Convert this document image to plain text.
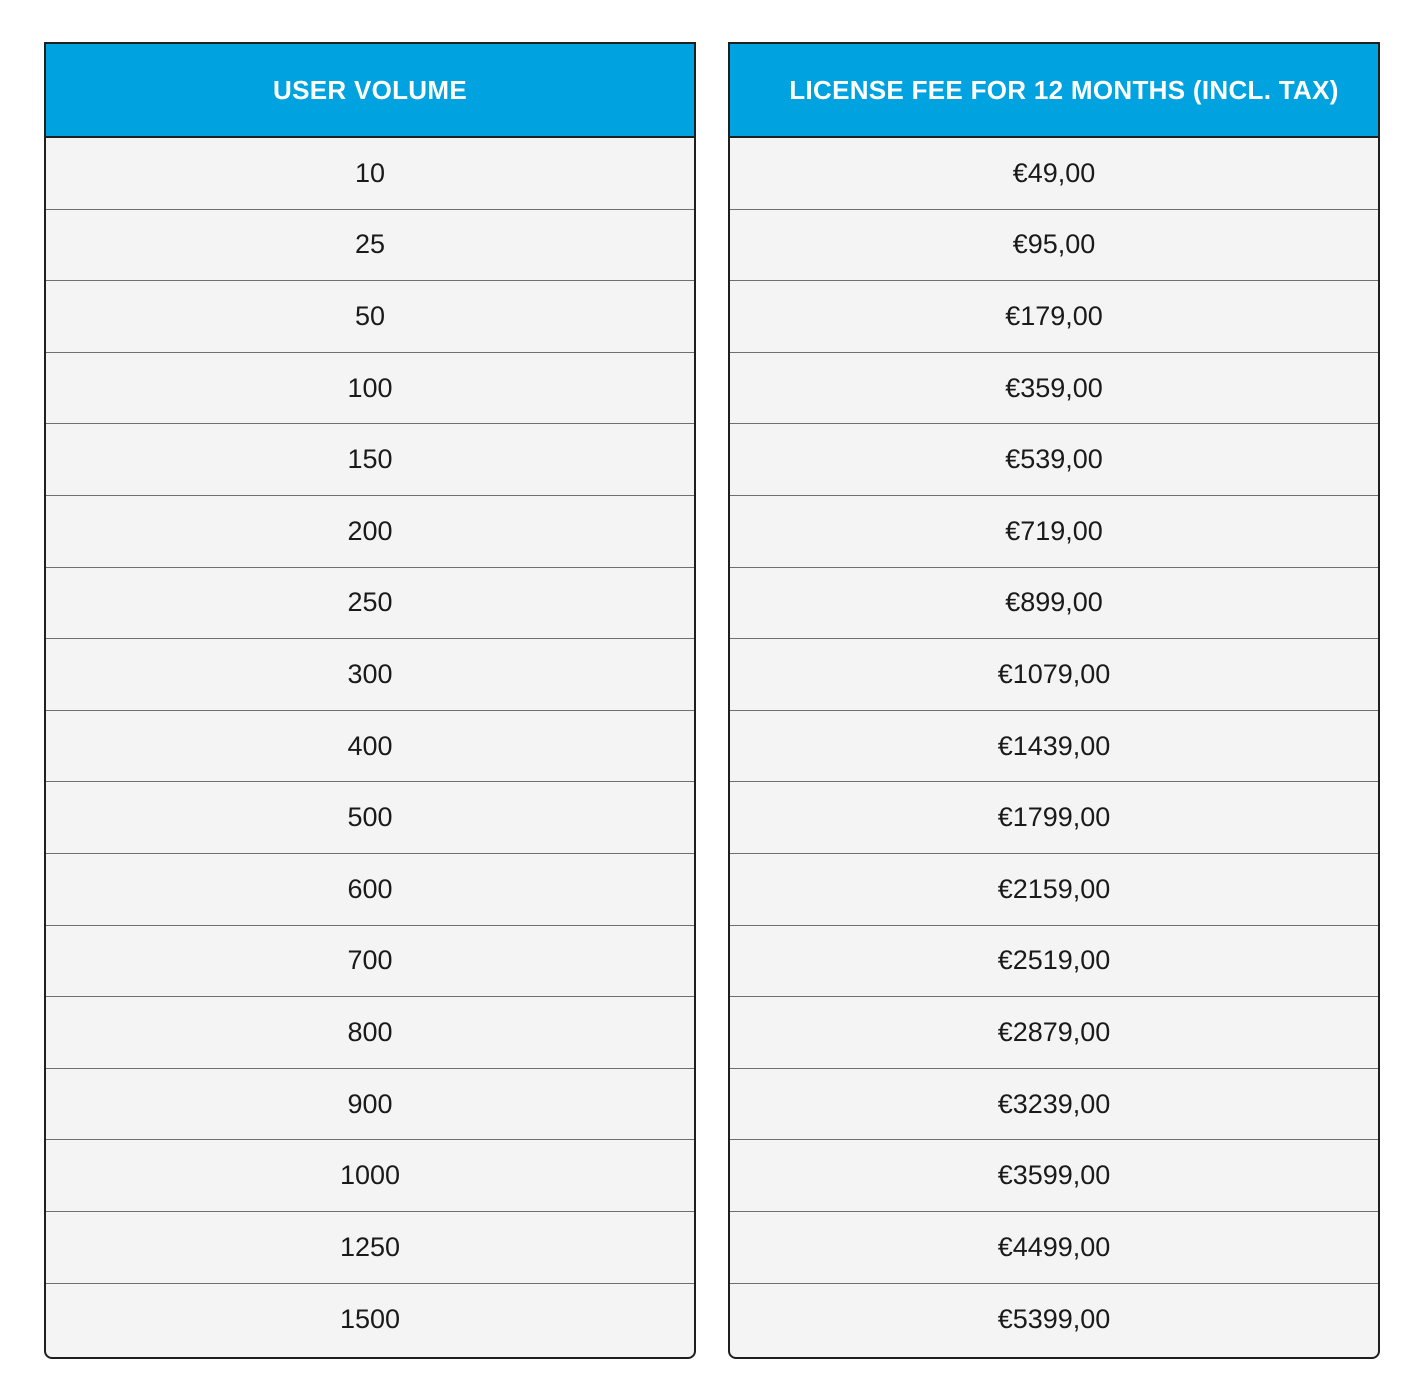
USER VOLUME
10
25
50
100
150
200
250
300
400
500
600
700
800
900
1000
1250
1500
LICENSE FEE FOR 12 MONTHS (INCL. TAX)
€49,00
€95,00
€179,00
€359,00
€539,00
€719,00
€899,00
€1079,00
€1439,00
€1799,00
€2159,00
€2519,00
€2879,00
€3239,00
€3599,00
€4499,00
€5399,00
